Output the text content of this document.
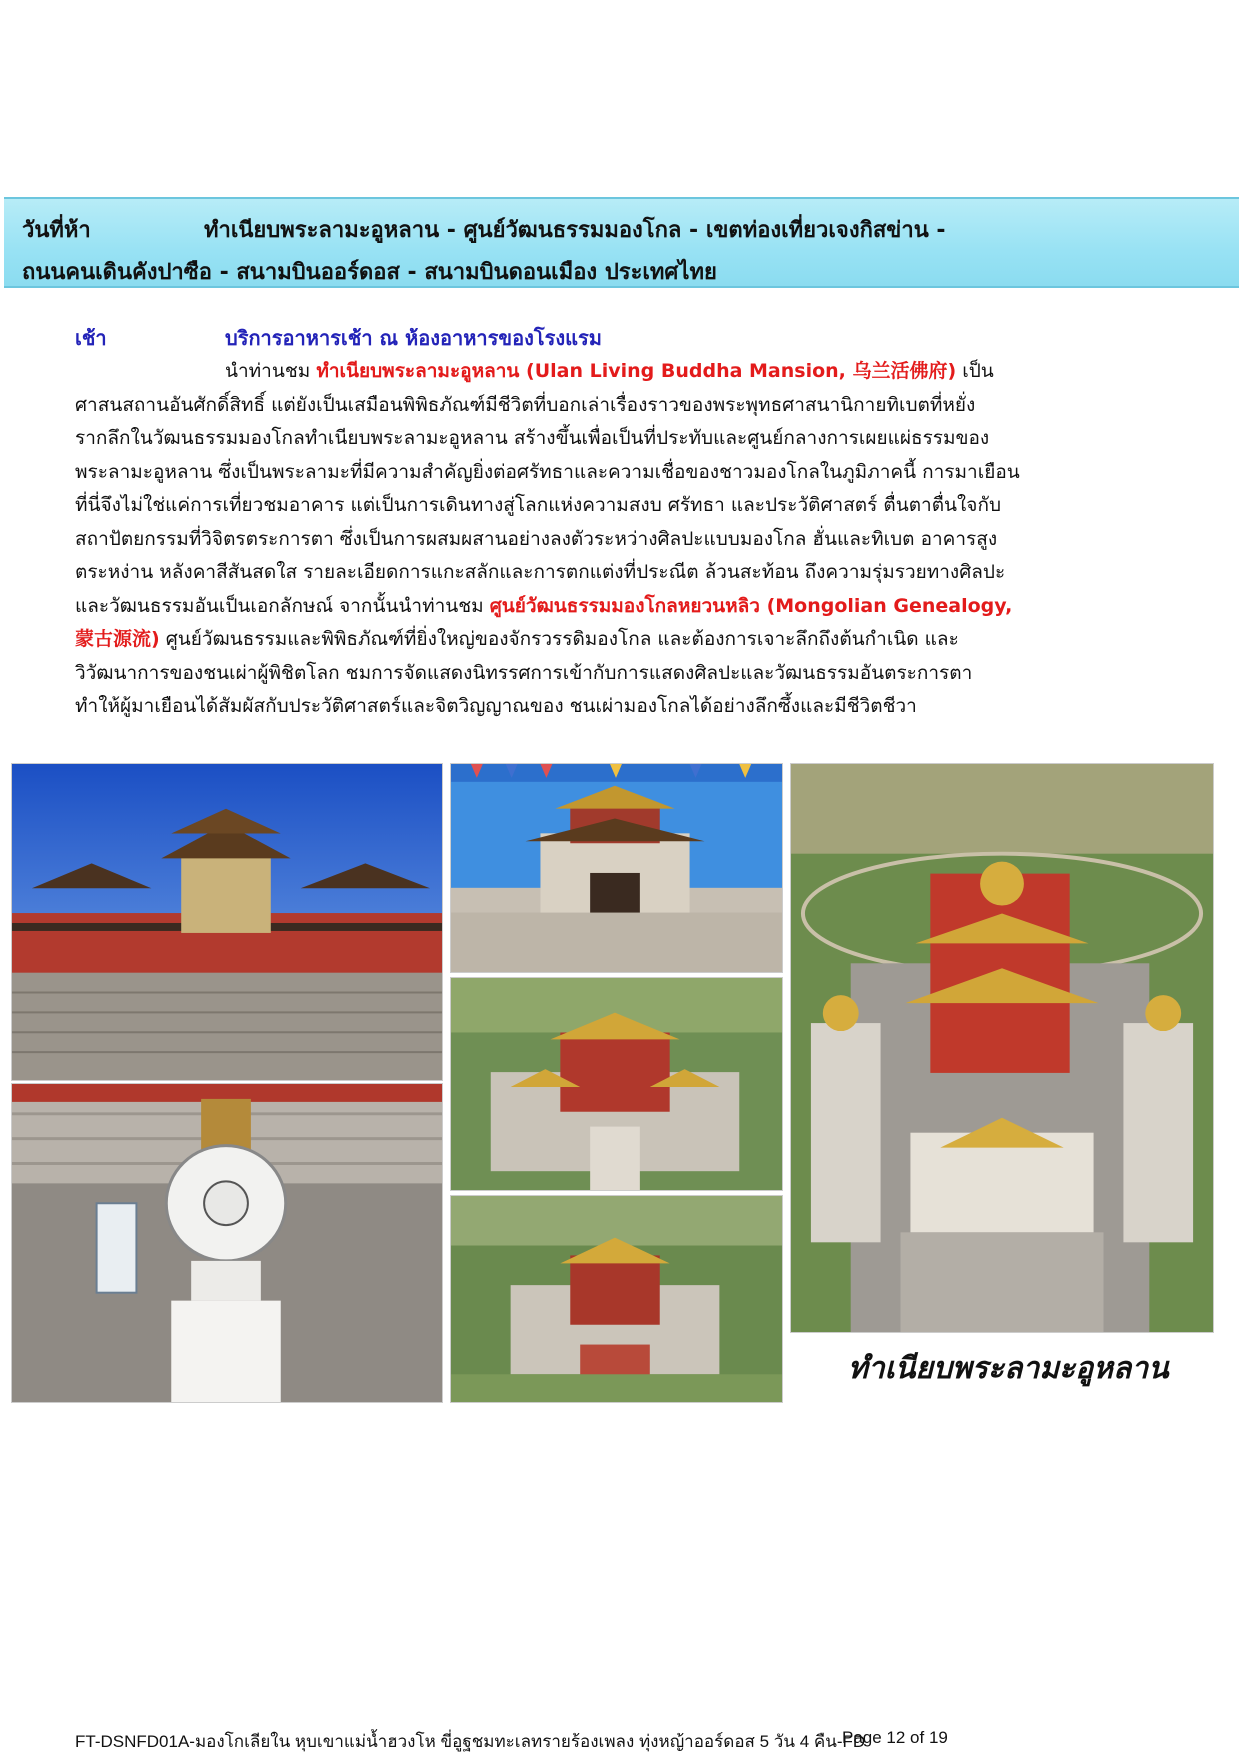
วันที่ห้า	ทำเนียบพระลามะอูหลาน - ศูนย์วัฒนธรรมมองโกล - เขตท่องเที่ยวเจงกิสข่าน -
ถนนคนเดินคังปาซือ - สนามบินออร์ดอส - สนามบินดอนเมือง ประเทศไทย
เช้า	บริการอาหารเช้า ณ ห้องอาหารของโรงแรม
นำท่านชม ทำเนียบพระลามะอูหลาน (Ulan Living Buddha Mansion, 乌兰活佛府) เป็น
ศาสนสถานอันศักดิ์สิทธิ์ แต่ยังเป็นเสมือนพิพิธภัณฑ์มีชีวิตที่บอกเล่าเรื่องราวของพระพุทธศาสนานิกายทิเบตที่หยั่ง
รากลึกในวัฒนธรรมมองโกลทำเนียบพระลามะอูหลาน สร้างขึ้นเพื่อเป็นที่ประทับและศูนย์กลางการเผยแผ่ธรรมของ
พระลามะอูหลาน ซึ่งเป็นพระลามะที่มีความสำคัญยิ่งต่อศรัทธาและความเชื่อของชาวมองโกลในภูมิภาคนี้ การมาเยือน
ที่นี่จึงไม่ใช่แค่การเที่ยวชมอาคาร แต่เป็นการเดินทางสู่โลกแห่งความสงบ ศรัทธา และประวัติศาสตร์ ตื่นตาตื่นใจกับ
สถาปัตยกรรมที่วิจิตรตระการตา ซึ่งเป็นการผสมผสานอย่างลงตัวระหว่างศิลปะแบบมองโกล ฮั่นและทิเบต อาคารสูง
ตระหง่าน หลังคาสีสันสดใส รายละเอียดการแกะสลักและการตกแต่งที่ประณีต ล้วนสะท้อน ถึงความรุ่มรวยทางศิลปะ
และวัฒนธรรมอันเป็นเอกลักษณ์ จากนั้นนำท่านชม ศูนย์วัฒนธรรมมองโกลหยวนหลิว (Mongolian Genealogy,
蒙古源流) ศูนย์วัฒนธรรมและพิพิธภัณฑ์ที่ยิ่งใหญ่ของจักรวรรดิมองโกล และต้องการเจาะลึกถึงต้นกำเนิด และ
วิวัฒนาการของชนเผ่าผู้พิชิตโลก ชมการจัดแสดงนิทรรศการเข้ากับการแสดงศิลปะและวัฒนธรรมอันตระการตา
ทำให้ผู้มาเยือนได้สัมผัสกับประวัติศาสตร์และจิตวิญญาณของ ชนเผ่ามองโกลได้อย่างลึกซึ้งและมีชีวิตชีวา
ทำเนียบพระลามะอูหลาน
FT-DSNFD01A-มองโกเลียใน หุบเขาแม่น้ำฮวงโห ขี่อูฐชมทะเลทรายร้องเพลง ทุ่งหญ้าออร์ดอส 5 วัน 4 คืน-FD
Page 12 of 19
